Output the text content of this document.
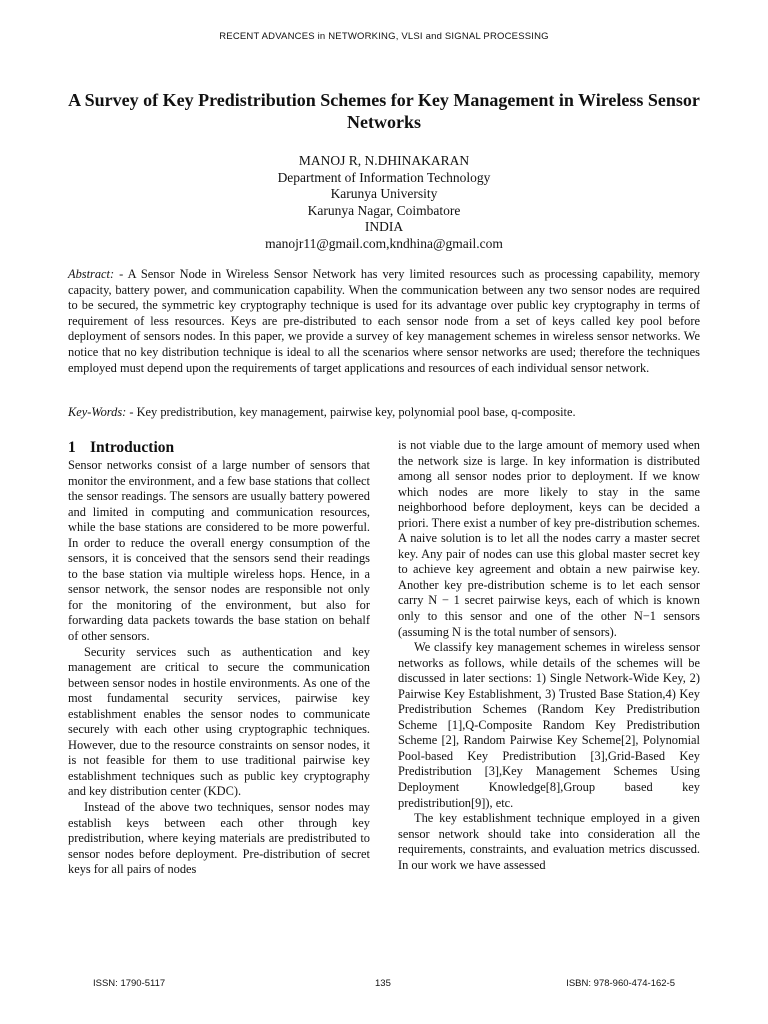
RECENT ADVANCES in NETWORKING, VLSI and SIGNAL PROCESSING
A Survey of Key Predistribution Schemes for Key Management in Wireless Sensor Networks
MANOJ R, N.DHINAKARAN
Department of Information Technology
Karunya University
Karunya Nagar, Coimbatore
INDIA
manojr11@gmail.com,kndhina@gmail.com

Abstract: - A Sensor Node in Wireless Sensor Network has very limited resources such as processing capability, memory capacity, battery power, and communication capability. When the communication between any two sensor nodes are required to be secured, the symmetric key cryptography technique is used for its advantage over public key cryptography in terms of requirement of less resources. Keys are pre-distributed to each sensor node from a set of keys called key pool before deployment of sensors nodes. In this paper, we provide a survey of key management schemes in wireless sensor networks. We notice that no key distribution technique is ideal to all the scenarios where sensor networks are used; therefore the techniques employed must depend upon the requirements of target applications and resources of each individual sensor network.

Key-Words: - Key predistribution, key management, pairwise key, polynomial pool base, q-composite.

1 Introduction

Sensor networks consist of a large number of sensors that monitor the environment, and a few base stations that collect the sensor readings. The sensors are usually battery powered and limited in computing and communication resources, while the base stations are considered to be more powerful. In order to reduce the overall energy consumption of the sensors, it is conceived that the sensors send their readings to the base station via multiple wireless hops. Hence, in a sensor network, the sensor nodes are responsible not only for the monitoring of the environment, but also for forwarding data packets towards the base station on behalf of other sensors.

Security services such as authentication and key management are critical to secure the communication between sensor nodes in hostile environments. As one of the most fundamental security services, pairwise key establishment enables the sensor nodes to communicate securely with each other using cryptographic techniques. However, due to the resource constraints on sensor nodes, it is not feasible for them to use traditional pairwise key establishment techniques such as public key cryptography and key distribution center (KDC).

Instead of the above two techniques, sensor nodes may establish keys between each other through key predistribution, where keying materials are predistributed to sensor nodes before deployment. Pre-distribution of secret keys for all pairs of nodes

is not viable due to the large amount of memory used when the network size is large. In key information is distributed among all sensor nodes prior to deployment. If we know which nodes are more likely to stay in the same neighborhood before deployment, keys can be decided a priori. There exist a number of key pre-distribution schemes. A naive solution is to let all the nodes carry a master secret key. Any pair of nodes can use this global master secret key to achieve key agreement and obtain a new pairwise key. Another key pre-distribution scheme is to let each sensor carry N − 1 secret pairwise keys, each of which is known only to this sensor and one of the other N−1 sensors (assuming N is the total number of sensors).

We classify key management schemes in wireless sensor networks as follows, while details of the schemes will be discussed in later sections: 1) Single Network-Wide Key, 2) Pairwise Key Establishment, 3) Trusted Base Station,4) Key Predistribution Schemes (Random Key Predistribution Scheme [1],Q-Composite Random Key Predistribution Scheme [2], Random Pairwise Key Scheme[2], Polynomial Pool-based Key Predistribution [3],Grid-Based Key Predistribution [3],Key Management Schemes Using Deployment Knowledge[8],Group based key predistribution[9]), etc.

The key establishment technique employed in a given sensor network should take into consideration all the requirements, constraints, and evaluation metrics discussed. In our work we have assessed

ISSN: 1790-5117	135	ISBN: 978-960-474-162-5
